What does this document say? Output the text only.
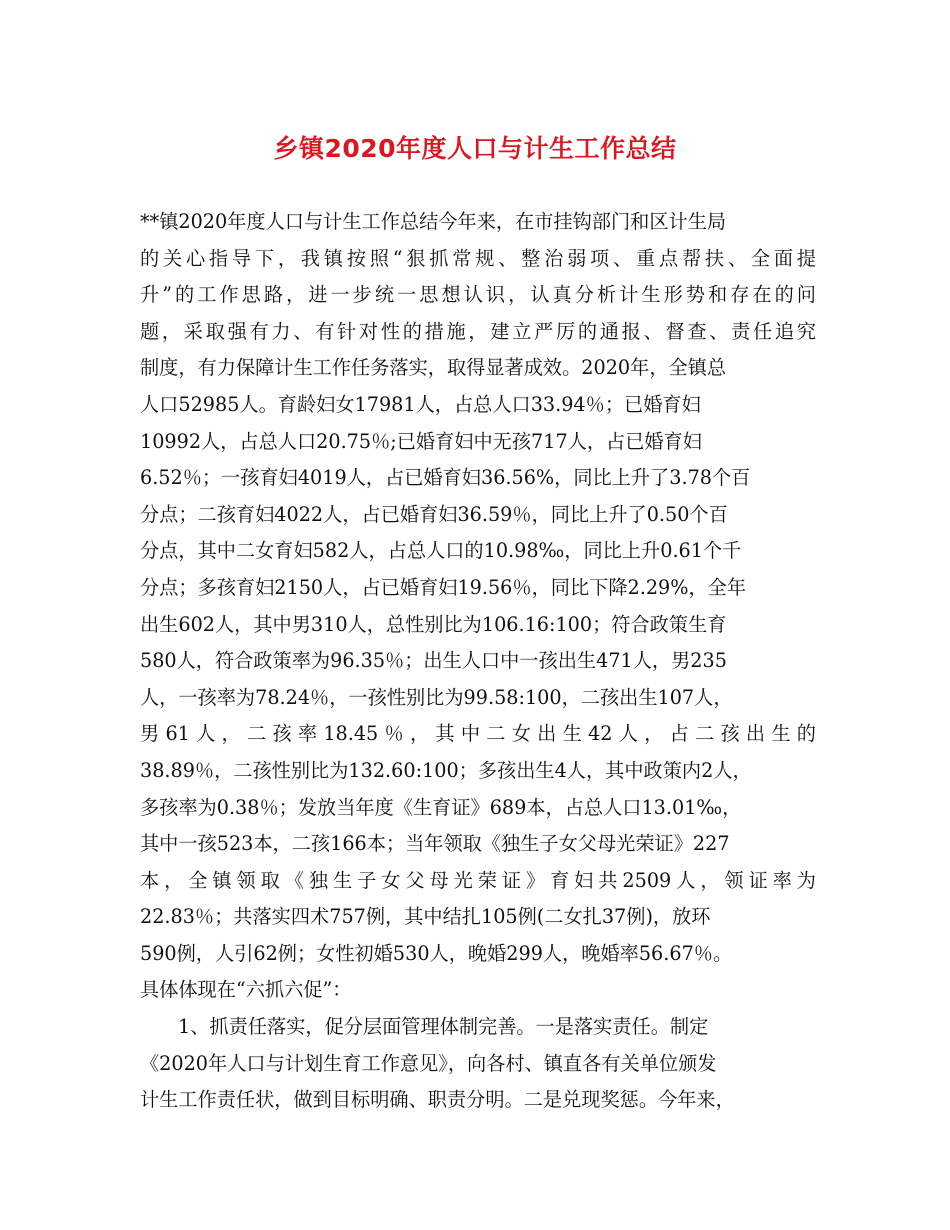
乡镇2020年度人口与计生工作总结
**镇2020年度人口与计生工作总结今年来，在市挂钩部门和区计生局
的关心指导下，我镇按照“狠抓常规、整治弱项、重点帮扶、全面提
升”的工作思路，进一步统一思想认识，认真分析计生形势和存在的问
题，采取强有力、有针对性的措施，建立严厉的通报、督查、责任追究
制度，有力保障计生工作任务落实，取得显著成效。2020年，全镇总
人口52985人。育龄妇女17981人，占总人口33.94％；已婚育妇
10992人，占总人口20.75％;已婚育妇中无孩717人，占已婚育妇
6.52％；一孩育妇4019人，占已婚育妇36.56%，同比上升了3.78个百
分点；二孩育妇4022人，占已婚育妇36.59％，同比上升了0.50个百
分点，其中二女育妇582人，占总人口的10.98‰，同比上升0.61个千
分点；多孩育妇2150人，占已婚育妇19.56％，同比下降2.29%，全年
出生602人，其中男310人，总性别比为106.16:100；符合政策生育
580人，符合政策率为96.35％；出生人口中一孩出生471人，男235
人，一孩率为78.24％，一孩性别比为99.58:100，二孩出生107人，
男61人，二孩率18.45％，其中二女出生42人，占二孩出生的
38.89％，二孩性别比为132.60:100；多孩出生4人，其中政策内2人，
多孩率为0.38％；发放当年度《生育证》689本，占总人口13.01‰，
其中一孩523本，二孩166本；当年领取《独生子女父母光荣证》227
本，全镇领取《独生子女父母光荣证》育妇共2509人，领证率为
22.83％；共落实四术757例，其中结扎105例(二女扎37例)，放环
590例，人引62例；女性初婚530人，晚婚299人，晚婚率56.67％。
具体体现在“六抓六促”：
1、抓责任落实，促分层面管理体制完善。一是落实责任。制定
《2020年人口与计划生育工作意见》，向各村、镇直各有关单位颁发
计生工作责任状，做到目标明确、职责分明。二是兑现奖惩。今年来，
